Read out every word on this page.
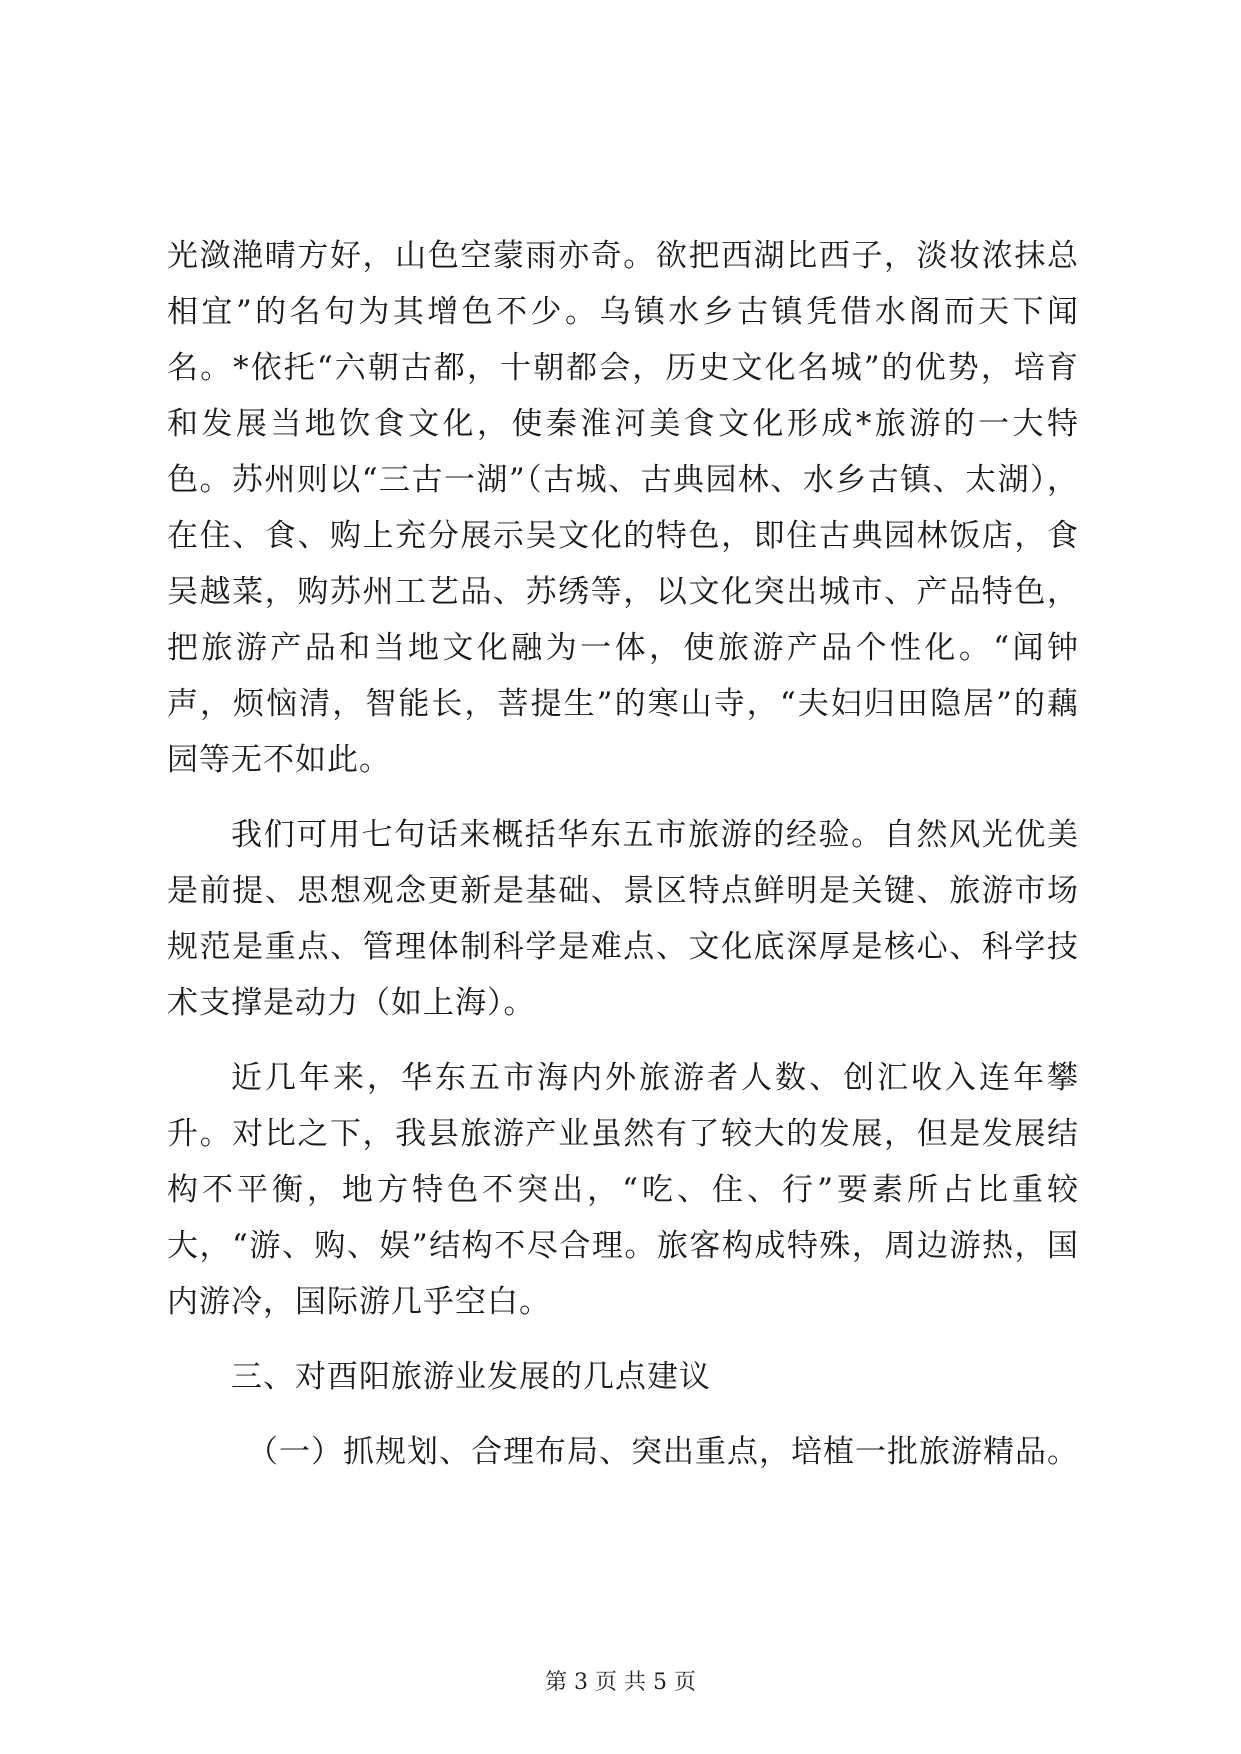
光潋滟晴方好，山色空蒙雨亦奇。欲把西湖比西子，淡妆浓抹总相宜”的名句为其增色不少。乌镇水乡古镇凭借水阁而天下闻名。*依托“六朝古都，十朝都会，历史文化名城”的优势，培育和发展当地饮食文化，使秦淮河美食文化形成*旅游的一大特色。苏州则以“三古一湖”（古城、古典园林、水乡古镇、太湖），在住、食、购上充分展示吴文化的特色，即住古典园林饭店，食吴越菜，购苏州工艺品、苏绣等，以文化突出城市、产品特色，把旅游产品和当地文化融为一体，使旅游产品个性化。“闻钟声，烦恼清，智能长，菩提生”的寒山寺，“夫妇归田隐居”的藕园等无不如此。

我们可用七句话来概括华东五市旅游的经验。自然风光优美是前提、思想观念更新是基础、景区特点鲜明是关键、旅游市场规范是重点、管理体制科学是难点、文化底深厚是核心、科学技术支撑是动力（如上海）。

近几年来，华东五市海内外旅游者人数、创汇收入连年攀升。对比之下，我县旅游产业虽然有了较大的发展，但是发展结构不平衡，地方特色不突出，“吃、住、行”要素所占比重较大，“游、购、娱”结构不尽合理。旅客构成特殊，周边游热，国内游冷，国际游几乎空白。

三、对酉阳旅游业发展的几点建议

（一）抓规划、合理布局、突出重点，培植一批旅游精品。

第 3 页 共 5 页
